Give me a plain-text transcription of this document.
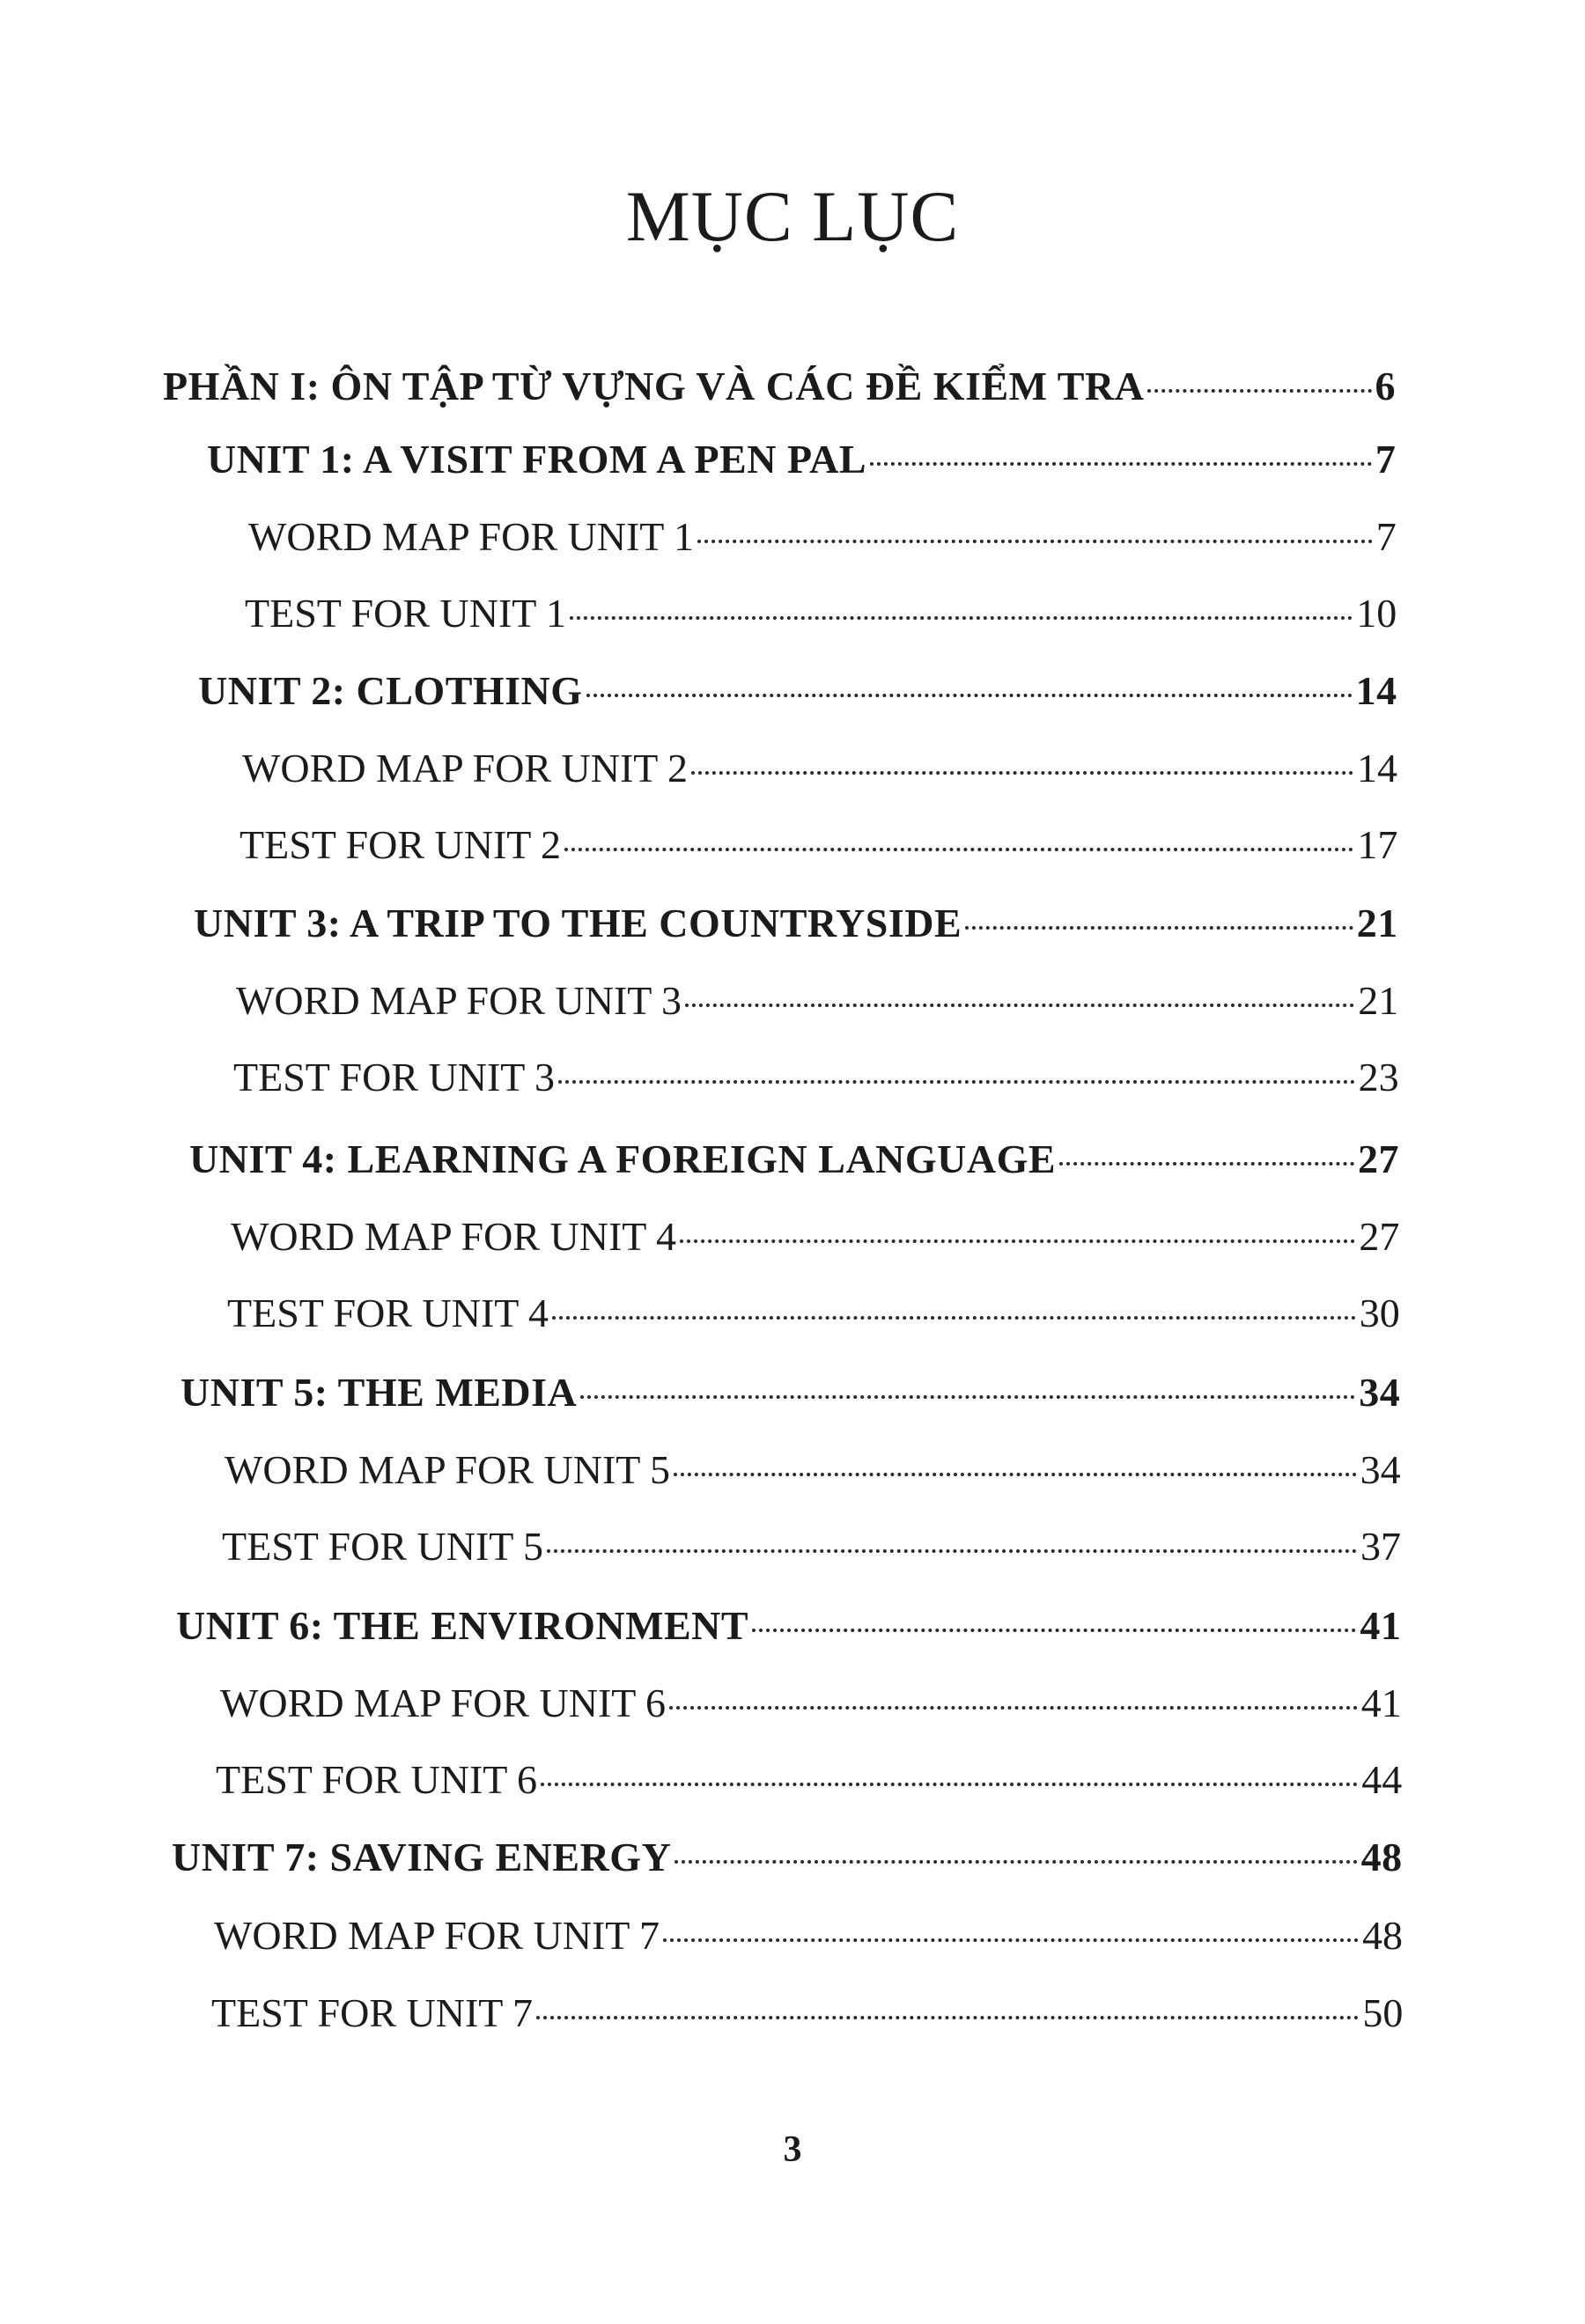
MỤC LỤC
PHẦN I: ÔN TẬP TỪ VỰNG VÀ CÁC ĐỀ KIỂM TRA	6
UNIT 1: A VISIT FROM A PEN PAL	7
WORD MAP FOR UNIT 1	7
TEST FOR UNIT 1	10
UNIT 2: CLOTHING	14
WORD MAP FOR UNIT 2	14
TEST FOR UNIT 2	17
UNIT 3: A TRIP TO THE COUNTRYSIDE	21
WORD MAP FOR UNIT 3	21
TEST FOR UNIT 3	23
UNIT 4: LEARNING A FOREIGN LANGUAGE	27
WORD MAP FOR UNIT 4	27
TEST FOR UNIT 4	30
UNIT 5: THE MEDIA	34
WORD MAP FOR UNIT 5	34
TEST FOR UNIT 5	37
UNIT 6: THE ENVIRONMENT	41
WORD MAP FOR UNIT 6	41
TEST FOR UNIT 6	44
UNIT 7: SAVING ENERGY	48
WORD MAP FOR UNIT 7	48
TEST FOR UNIT 7	50
3
